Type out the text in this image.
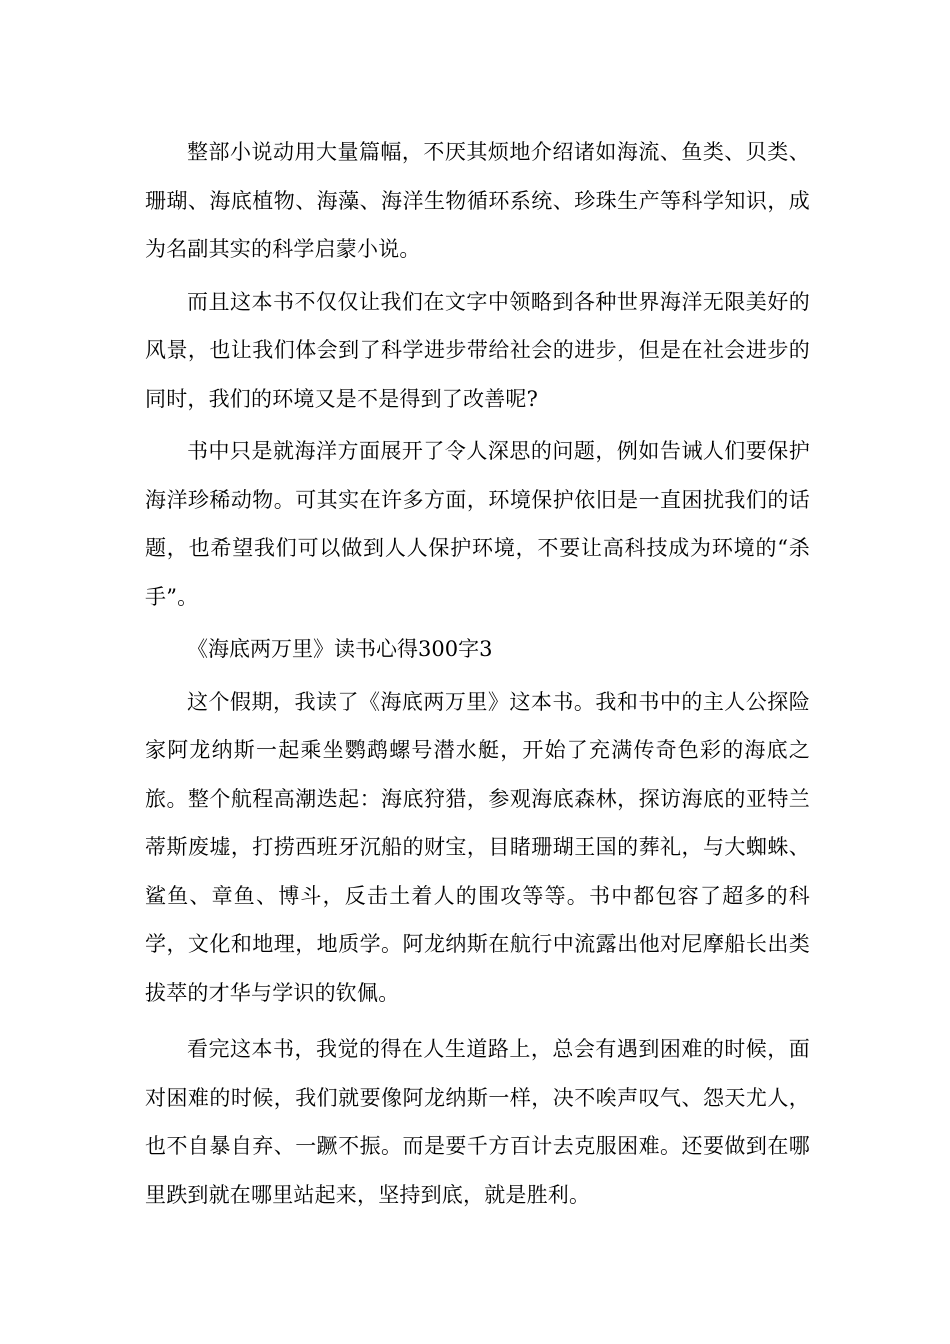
整部小说动用大量篇幅，不厌其烦地介绍诸如海流、鱼类、贝类、珊瑚、海底植物、海藻、海洋生物循环系统、珍珠生产等科学知识，成为名副其实的科学启蒙小说。

而且这本书不仅仅让我们在文字中领略到各种世界海洋无限美好的风景，也让我们体会到了科学进步带给社会的进步，但是在社会进步的同时，我们的环境又是不是得到了改善呢?

书中只是就海洋方面展开了令人深思的问题，例如告诫人们要保护海洋珍稀动物。可其实在许多方面，环境保护依旧是一直困扰我们的话题，也希望我们可以做到人人保护环境，不要让高科技成为环境的“杀手”。

《海底两万里》读书心得300字3

这个假期，我读了《海底两万里》这本书。我和书中的主人公探险家阿龙纳斯一起乘坐鹦鹉螺号潜水艇，开始了充满传奇色彩的海底之旅。整个航程高潮迭起：海底狩猎，参观海底森林，探访海底的亚特兰蒂斯废墟，打捞西班牙沉船的财宝，目睹珊瑚王国的葬礼，与大蜘蛛、鲨鱼、章鱼、博斗，反击土着人的围攻等等。书中都包容了超多的科学，文化和地理，地质学。阿龙纳斯在航行中流露出他对尼摩船长出类拔萃的才华与学识的钦佩。

看完这本书，我觉的得在人生道路上，总会有遇到困难的时候，面对困难的时候，我们就要像阿龙纳斯一样，决不唉声叹气、怨天尤人，也不自暴自弃、一蹶不振。而是要千方百计去克服困难。还要做到在哪里跌到就在哪里站起来，坚持到底，就是胜利。
